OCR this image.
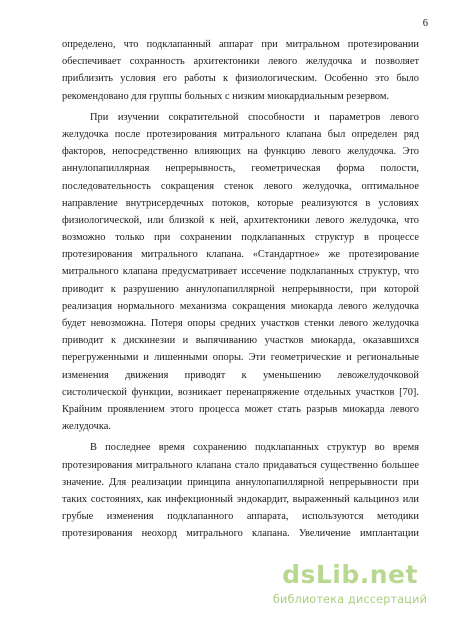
6
определено, что подклапанный аппарат при митральном протезировании
обеспечивает сохранность архитектоники левого желудочка и позволяет
приблизить условия его работы к физиологическим. Особенно это было
рекомендовано для группы больных с низким миокардиальным резервом.
При изучении сократительной способности и параметров левого
желудочка после протезирования митрального клапана был определен ряд
факторов, непосредственно влияющих на функцию левого желудочка. Это
аннулопапиллярная непрерывность, геометрическая форма полости,
последовательность сокращения стенок левого желудочка, оптимальное
направление внутрисердечных потоков, которые реализуются в условиях
физиологической, или близкой к ней, архитектоники левого желудочка, что
возможно только при сохранении подклапанных структур в процессе
протезирования митрального клапана. «Стандартное» же протезирование
митрального клапана предусматривает иссечение подклапанных структур, что
приводит к разрушению аннулопапиллярной непрерывности, при которой
реализация нормального механизма сокращения миокарда левого желудочка
будет невозможна. Потеря опоры средних участков стенки левого желудочка
приводит к дискинезии и выпячиванию участков миокарда, оказавшихся
перегруженными и лишенными опоры. Эти геометрические и региональные
изменения движения приводят к уменьшению левожелудочковой
систолической функции, возникает перенапряжение отдельных участков [70].
Крайним проявлением этого процесса может стать разрыв миокарда левого
желудочка.
В последнее время сохранению подклапанных структур во время
протезирования митрального клапана стало придаваться существенно большее
значение. Для реализации принципа аннулопапиллярной непрерывности при
таких состояниях, как инфекционный эндокардит, выраженный кальциноз или
грубые изменения подклапанного аппарата, используются методики
протезирования неохорд митрального клапана. Увеличение имплантации
dsLib.net
библиотека диссертаций
